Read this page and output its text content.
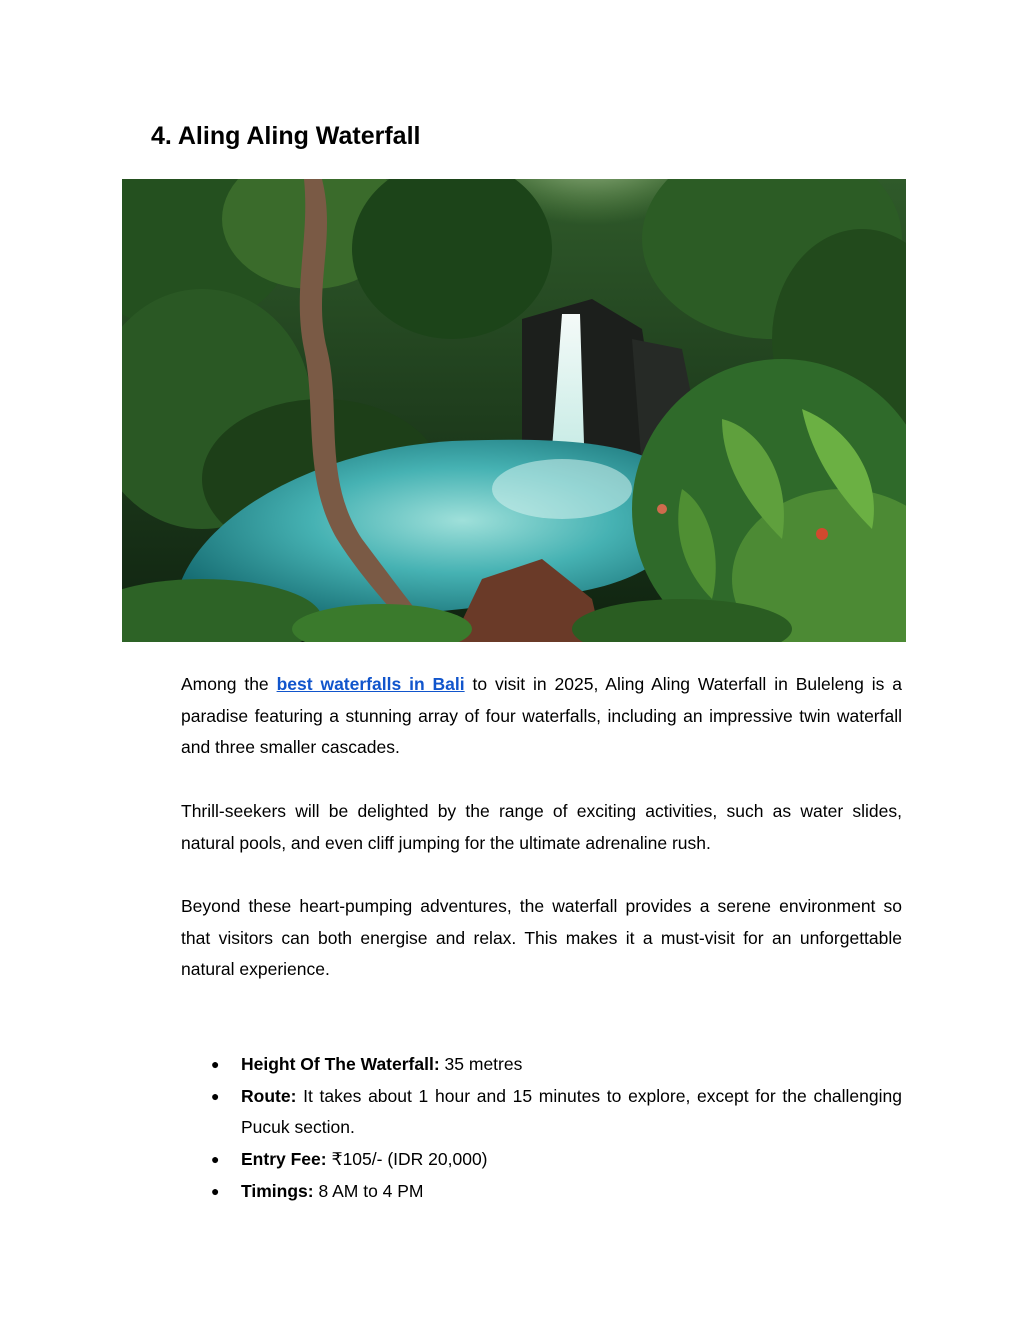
4. Aling Aling Waterfall

Among the best waterfalls in Bali to visit in 2025, Aling Aling Waterfall in Buleleng is a paradise featuring a stunning array of four waterfalls, including an impressive twin waterfall and three smaller cascades.

Thrill-seekers will be delighted by the range of exciting activities, such as water slides, natural pools, and even cliff jumping for the ultimate adrenaline rush.

Beyond these heart-pumping adventures, the waterfall provides a serene environment so that visitors can both energise and relax. This makes it a must-visit for an unforgettable natural experience.

● Height Of The Waterfall: 35 metres
● Route: It takes about 1 hour and 15 minutes to explore, except for the challenging Pucuk section.
● Entry Fee: ₹105/- (IDR 20,000)
● Timings: 8 AM to 4 PM
